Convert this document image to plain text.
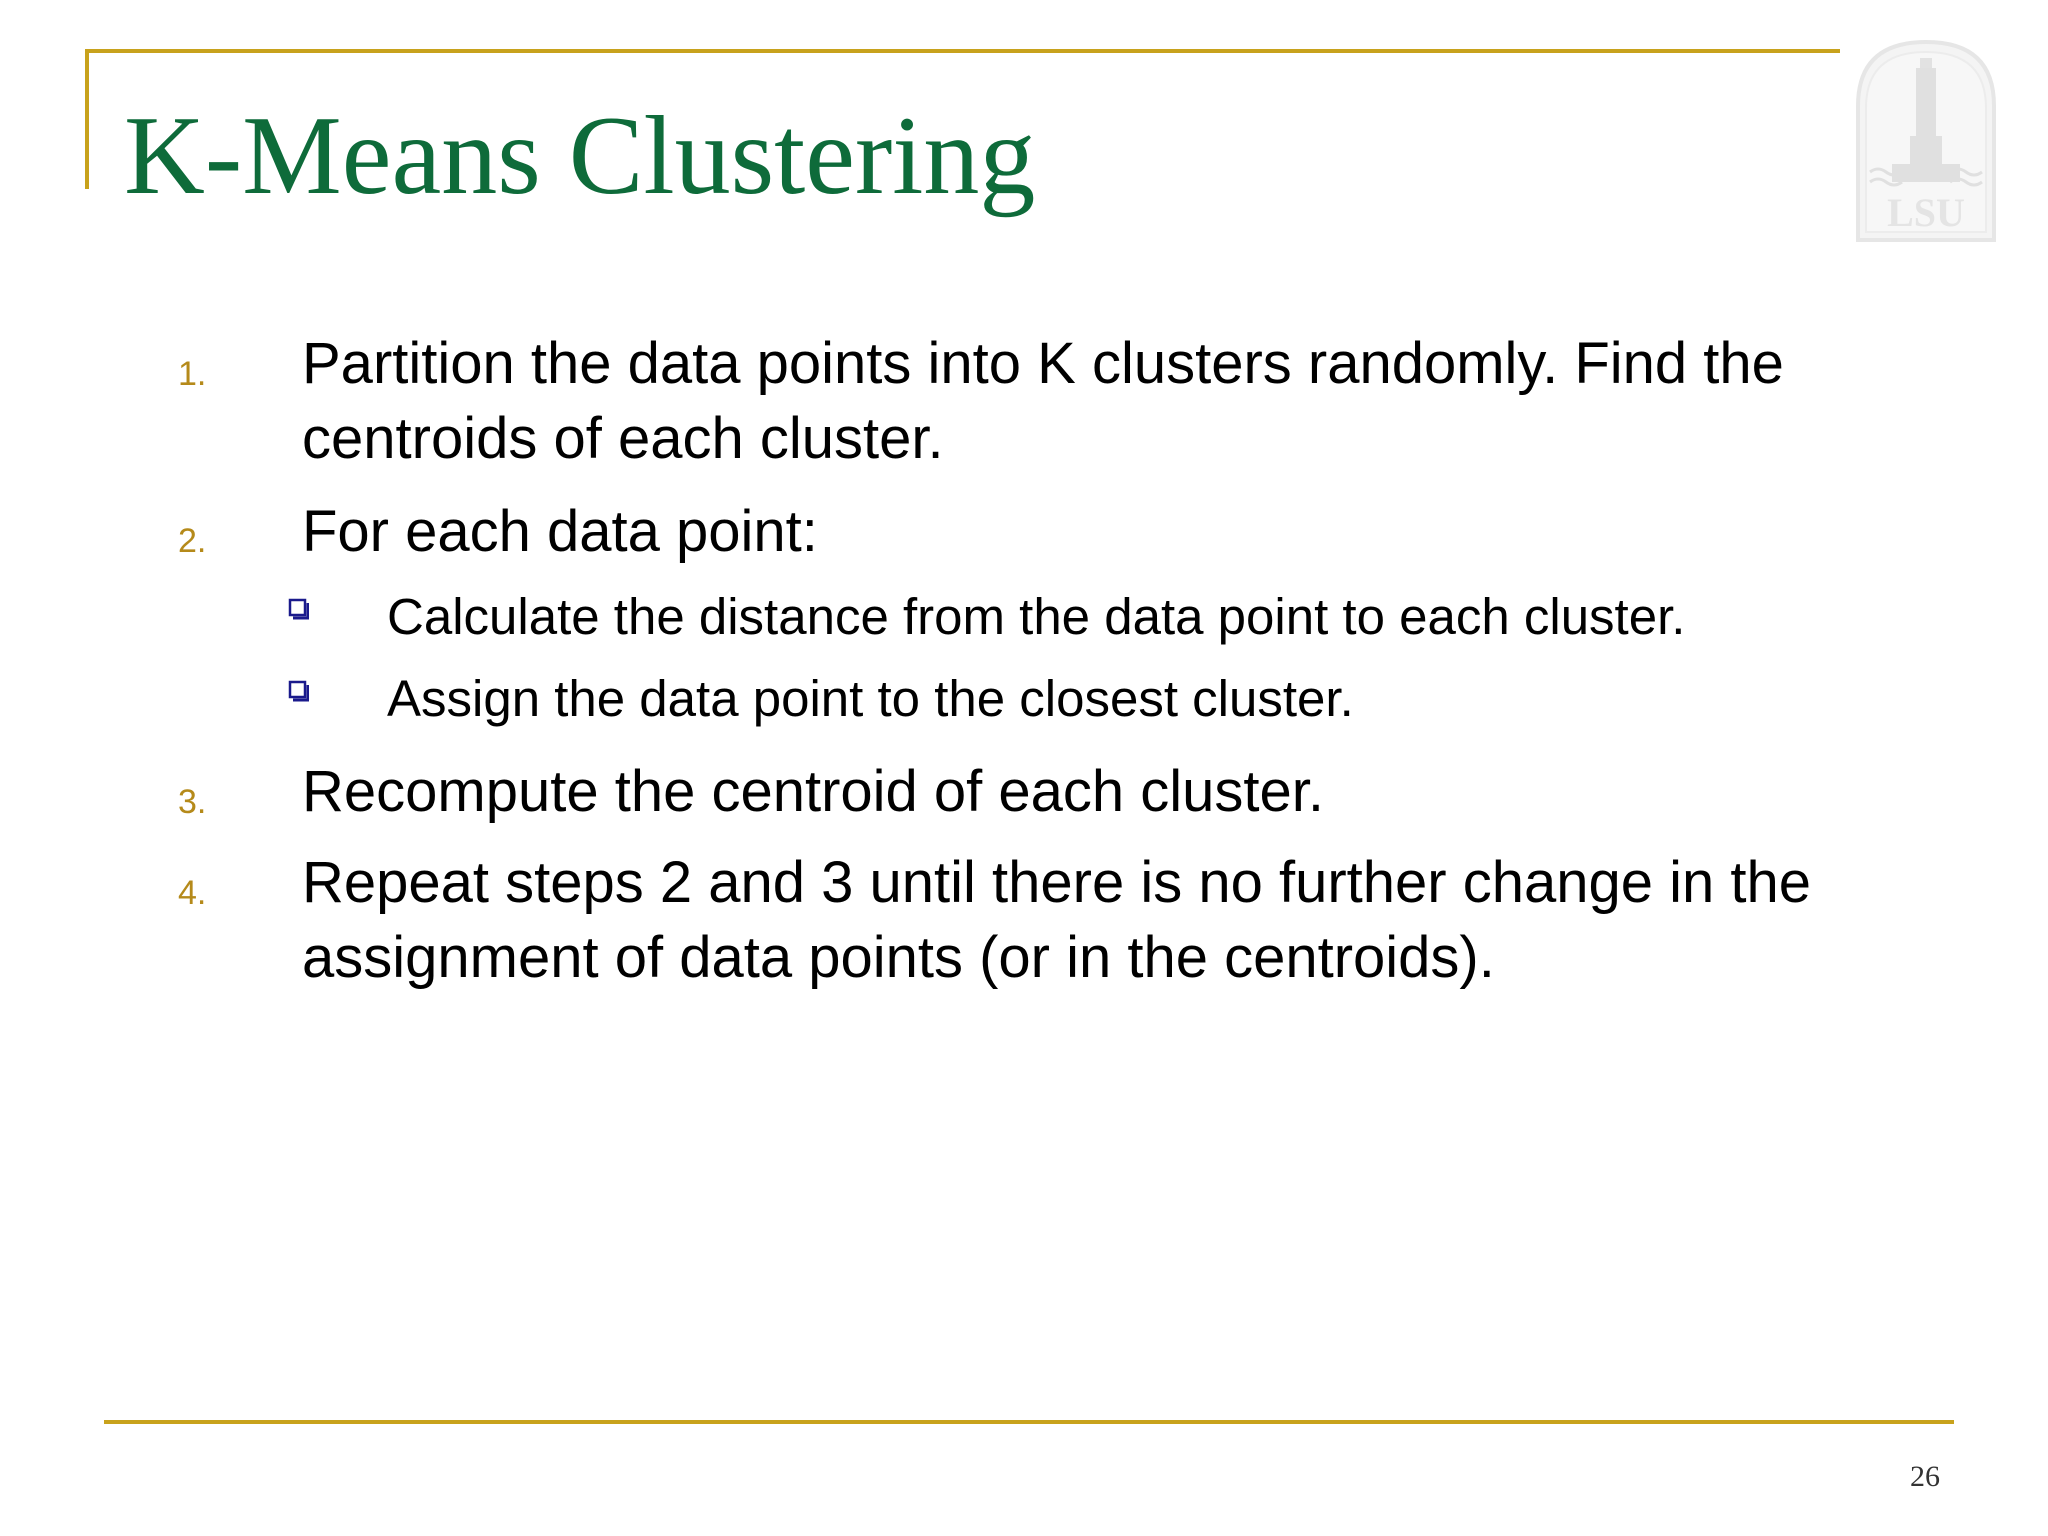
K-Means Clustering	LSU
1. Partition the data points into K clusters randomly. Find the centroids of each cluster.
2. For each data point:
Calculate the distance from the data point to each cluster.
Assign the data point to the closest cluster.
3. Recompute the centroid of each cluster.
4. Repeat steps 2 and 3 until there is no further change in the assignment of data points (or in the centroids).
26
